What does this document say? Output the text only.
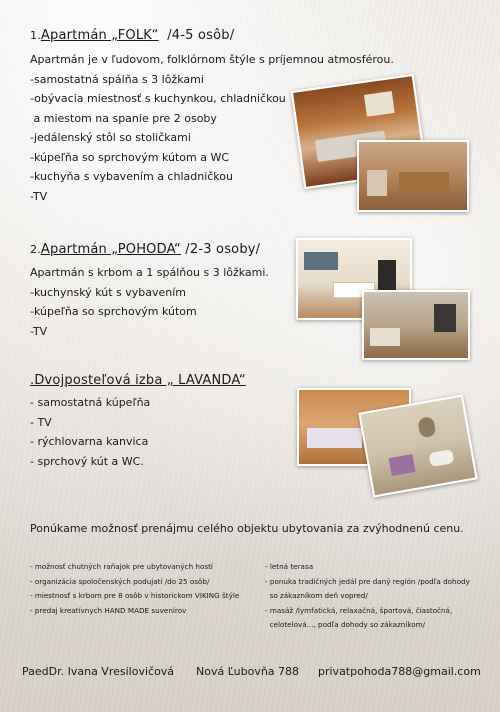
1.Apartmán „FOLK“ /4-5 osôb/
Apartmán je v ľudovom, folklórnom štýle s príjemnou atmosférou.
-samostatná spálňa s 3 lôžkami
-obývacia miestnosť s kuchynkou, chladničkou
a miestom na spanie pre 2 osoby
-jedálenský stôl so stoličkami
-kúpeľňa so sprchovým kútom a WC
-kuchyňa s vybavením a chladničkou
-TV
2.Apartmán „POHODA“ /2-3 osoby/
Apartmán s krbom a 1 spálňou s 3 lôžkami.
-kuchynský kút s vybavením
-kúpeľňa so sprchovým kútom
-TV
.Dvojposteľová izba „ LAVANDA“
- samostatná kúpeľňa
- TV
- rýchlovarna kanvica
- sprchový kút a WC.
Ponúkame možnosť prenájmu celého objektu ubytovania za zvýhodnenú cenu.
- možnosť chutných raňajok pre ubytovaných hostí
- organizácia spoločenských podujatí /do 25 osôb/
- miestnosť s krbom pre 8 osôb v historickom VIKING štýle
- predaj kreatívnych HAND MADE suvenírov
- letná terasa
- ponuka tradičných jedál pre daný región /podľa dohody
so zákazníkom deň vopred/
- masáž /lymfatická, relaxačná, športová, čiastočná,
celotelová..., podľa dohody so zákazníkom/
PaedDr. Ivana Vresilovičová Nová Ľubovňa 788 privatpohoda788@gmail.com
